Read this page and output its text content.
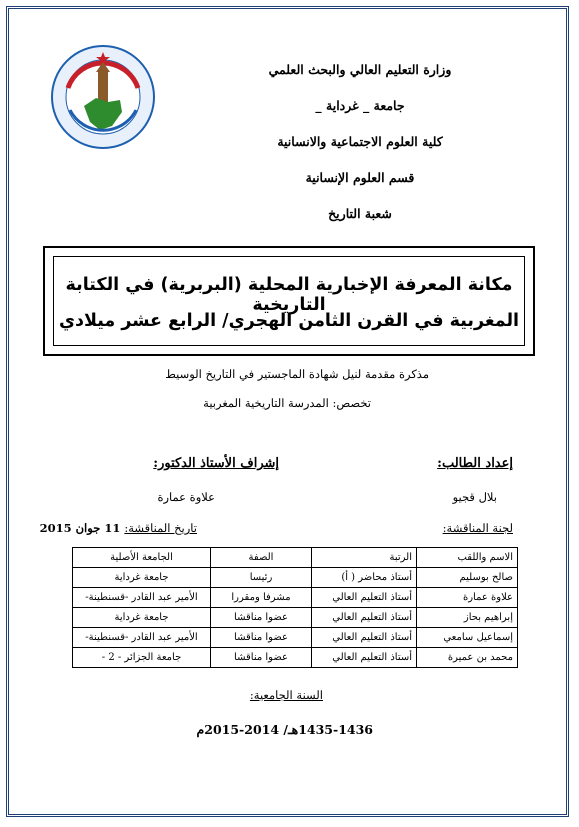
وزارة التعليم العالي والبحث العلمي
جامعة _ غرداية _
كلية العلوم الاجتماعية والانسانية
قسم العلوم الإنسانية
شعبة التاريخ
مكانة المعرفة الإخبارية المحلية (البربرية) في الكتابة التاريخية
المغربية في القرن الثامن الهجري/ الرابع عشر ميلادي
مذكرة مقدمة لنيل شهادة الماجستير في التاريخ الوسيط
تخصص: المدرسة التاريخية المغربية
إعداد الطالب:
إشراف الأستاذ الدكتور:
بلال قجيو
علاوة عمارة
لجنة المناقشة:
تاريخ المناقشة: 11 جوان 2015
الاسم واللقب	الرتبة	الصفة	الجامعة الأصلية
صالح بوسليم	أستاذ محاضر ( أ)	رئيسا	جامعة غرداية
علاوة عمارة	أستاذ التعليم العالي	مشرفا ومقررا	الأمير عبد القادر -قسنطينة-
إبراهيم بحاز	أستاذ التعليم العالي	عضوا مناقشا	جامعة غرداية
إسماعيل سامعي	أستاذ التعليم العالي	عضوا مناقشا	الأمير عبد القادر -قسنطينة-
محمد بن عميرة	أستاذ التعليم العالي	عضوا مناقشا	جامعة الجزائر - 2 -
السنة الجامعية:
1435-1436هـ/ 2014-2015م
